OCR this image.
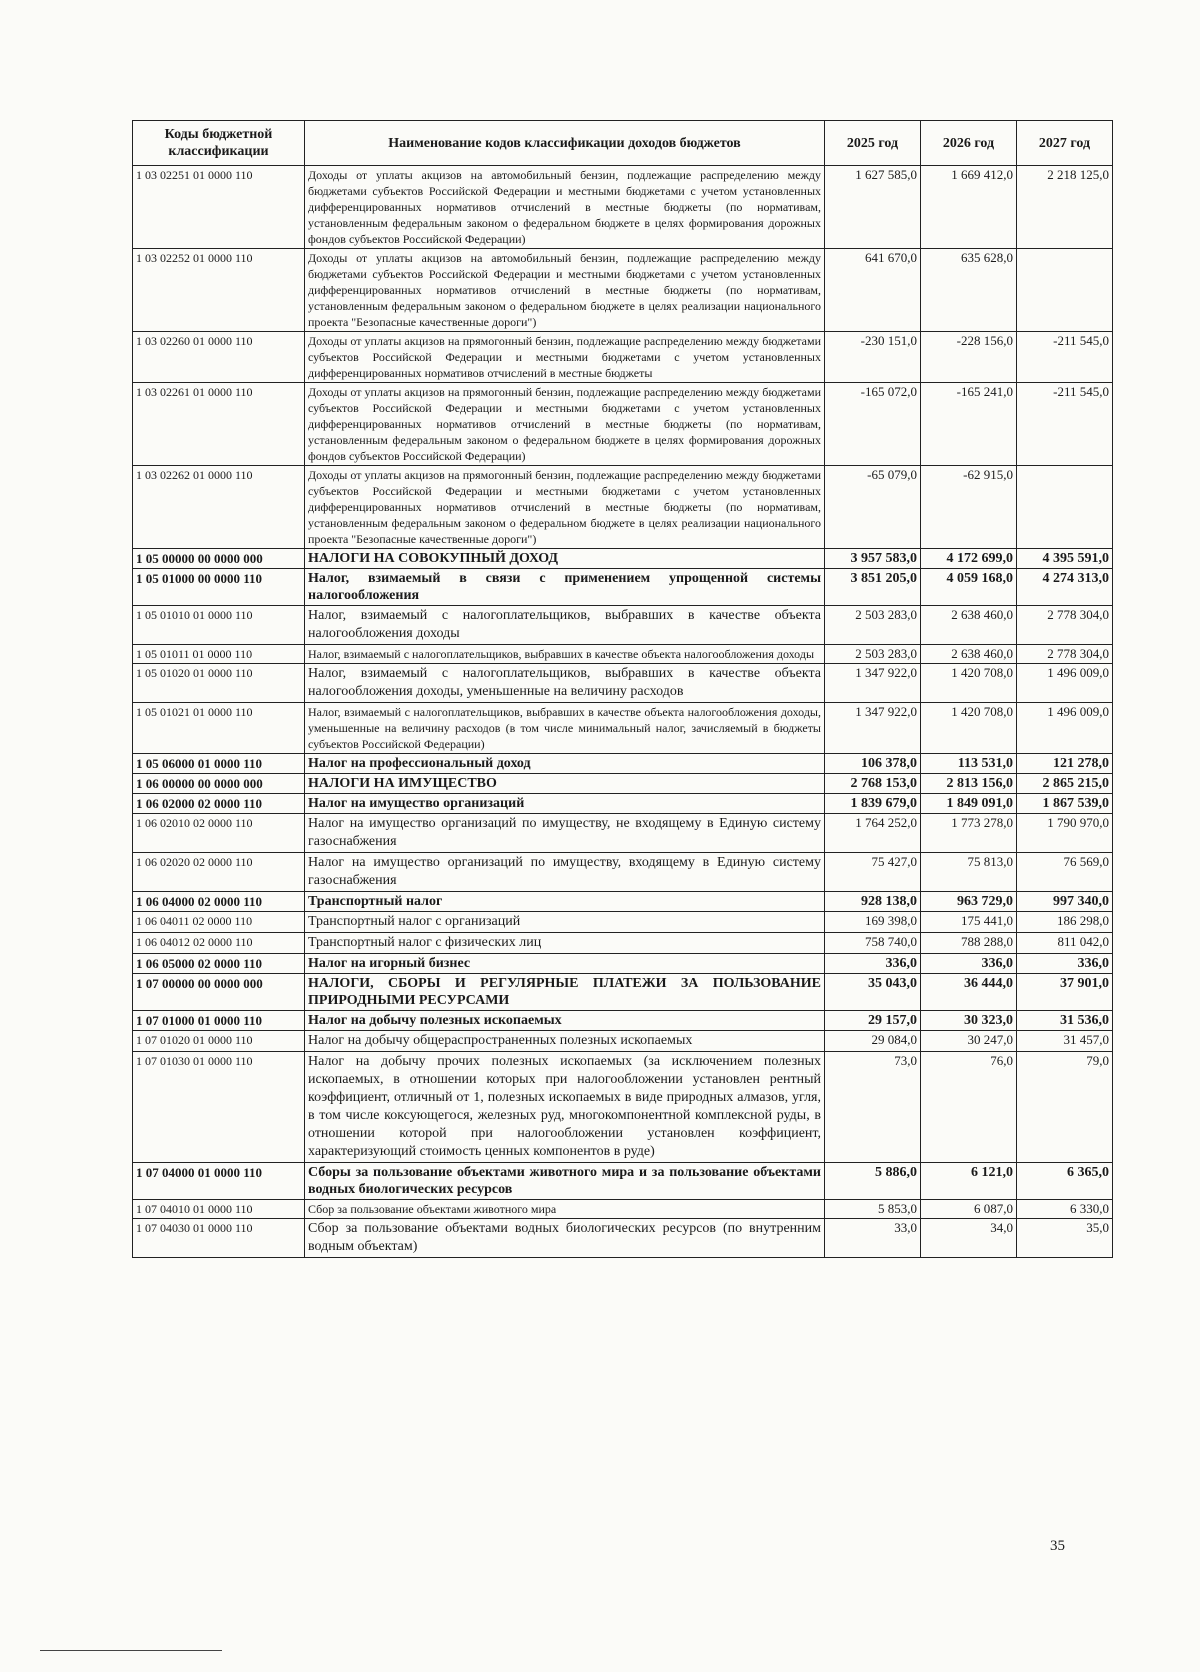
Коды бюджетной классификации	Наименование кодов классификации доходов бюджетов	2025 год	2026 год	2027 год
1 03 02251 01 0000 110	Доходы от уплаты акцизов на автомобильный бензин, подлежащие распределению между бюджетами субъектов Российской Федерации и местными бюджетами с учетом установленных дифференцированных нормативов отчислений в местные бюджеты (по нормативам, установленным федеральным законом о федеральном бюджете в целях формирования дорожных фондов субъектов Российской Федерации)	1 627 585,0	1 669 412,0	2 218 125,0
1 03 02252 01 0000 110	Доходы от уплаты акцизов на автомобильный бензин, подлежащие распределению между бюджетами субъектов Российской Федерации и местными бюджетами с учетом установленных дифференцированных нормативов отчислений в местные бюджеты (по нормативам, установленным федеральным законом о федеральном бюджете в целях реализации национального проекта "Безопасные качественные дороги")	641 670,0	635 628,0	
1 03 02260 01 0000 110	Доходы от уплаты акцизов на прямогонный бензин, подлежащие распределению между бюджетами субъектов Российской Федерации и местными бюджетами с учетом установленных дифференцированных нормативов отчислений в местные бюджеты	-230 151,0	-228 156,0	-211 545,0
1 03 02261 01 0000 110	Доходы от уплаты акцизов на прямогонный бензин, подлежащие распределению между бюджетами субъектов Российской Федерации и местными бюджетами с учетом установленных дифференцированных нормативов отчислений в местные бюджеты (по нормативам, установленным федеральным законом о федеральном бюджете в целях формирования дорожных фондов субъектов Российской Федерации)	-165 072,0	-165 241,0	-211 545,0
1 03 02262 01 0000 110	Доходы от уплаты акцизов на прямогонный бензин, подлежащие распределению между бюджетами субъектов Российской Федерации и местными бюджетами с учетом установленных дифференцированных нормативов отчислений в местные бюджеты (по нормативам, установленным федеральным законом о федеральном бюджете в целях реализации национального проекта "Безопасные качественные дороги")	-65 079,0	-62 915,0	
1 05 00000 00 0000 000	НАЛОГИ НА СОВОКУПНЫЙ ДОХОД	3 957 583,0	4 172 699,0	4 395 591,0
1 05 01000 00 0000 110	Налог, взимаемый в связи с применением упрощенной системы налогообложения	3 851 205,0	4 059 168,0	4 274 313,0
1 05 01010 01 0000 110	Налог, взимаемый с налогоплательщиков, выбравших в качестве объекта налогообложения доходы	2 503 283,0	2 638 460,0	2 778 304,0
1 05 01011 01 0000 110	Налог, взимаемый с налогоплательщиков, выбравших в качестве объекта налогообложения доходы	2 503 283,0	2 638 460,0	2 778 304,0
1 05 01020 01 0000 110	Налог, взимаемый с налогоплательщиков, выбравших в качестве объекта налогообложения доходы, уменьшенные на величину расходов	1 347 922,0	1 420 708,0	1 496 009,0
1 05 01021 01 0000 110	Налог, взимаемый с налогоплательщиков, выбравших в качестве объекта налогообложения доходы, уменьшенные на величину расходов (в том числе минимальный налог, зачисляемый в бюджеты субъектов Российской Федерации)	1 347 922,0	1 420 708,0	1 496 009,0
1 05 06000 01 0000 110	Налог на профессиональный доход	106 378,0	113 531,0	121 278,0
1 06 00000 00 0000 000	НАЛОГИ НА ИМУЩЕСТВО	2 768 153,0	2 813 156,0	2 865 215,0
1 06 02000 02 0000 110	Налог на имущество организаций	1 839 679,0	1 849 091,0	1 867 539,0
1 06 02010 02 0000 110	Налог на имущество организаций по имуществу, не входящему в Единую систему газоснабжения	1 764 252,0	1 773 278,0	1 790 970,0
1 06 02020 02 0000 110	Налог на имущество организаций по имуществу, входящему в Единую систему газоснабжения	75 427,0	75 813,0	76 569,0
1 06 04000 02 0000 110	Транспортный налог	928 138,0	963 729,0	997 340,0
1 06 04011 02 0000 110	Транспортный налог с организаций	169 398,0	175 441,0	186 298,0
1 06 04012 02 0000 110	Транспортный налог с физических лиц	758 740,0	788 288,0	811 042,0
1 06 05000 02 0000 110	Налог на игорный бизнес	336,0	336,0	336,0
1 07 00000 00 0000 000	НАЛОГИ, СБОРЫ И РЕГУЛЯРНЫЕ ПЛАТЕЖИ ЗА ПОЛЬЗОВАНИЕ ПРИРОДНЫМИ РЕСУРСАМИ	35 043,0	36 444,0	37 901,0
1 07 01000 01 0000 110	Налог на добычу полезных ископаемых	29 157,0	30 323,0	31 536,0
1 07 01020 01 0000 110	Налог на добычу общераспространенных полезных ископаемых	29 084,0	30 247,0	31 457,0
1 07 01030 01 0000 110	Налог на добычу прочих полезных ископаемых (за исключением полезных ископаемых, в отношении которых при налогообложении установлен рентный коэффициент, отличный от 1, полезных ископаемых в виде природных алмазов, угля, в том числе коксующегося, железных руд, многокомпонентной комплексной руды, в отношении которой при налогообложении установлен коэффициент, характеризующий стоимость ценных компонентов в руде)	73,0	76,0	79,0
1 07 04000 01 0000 110	Сборы за пользование объектами животного мира и за пользование объектами водных биологических ресурсов	5 886,0	6 121,0	6 365,0
1 07 04010 01 0000 110	Сбор за пользование объектами животного мира	5 853,0	6 087,0	6 330,0
1 07 04030 01 0000 110	Сбор за пользование объектами водных биологических ресурсов (по внутренним водным объектам)	33,0	34,0	35,0
35
